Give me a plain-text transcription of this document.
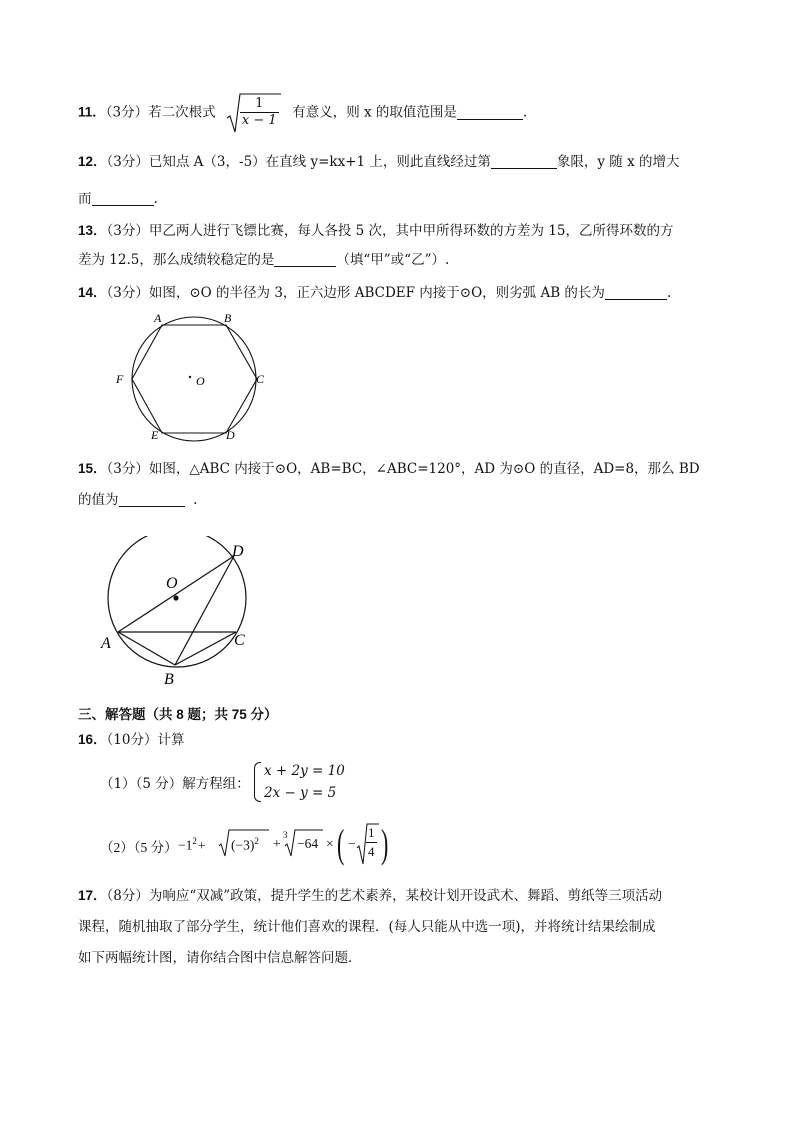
11．（3分）若二次根式 $\frac{1}{x - 1}$ 有意义，则 x 的取值范围是	.
12．（3分）已知点 A（3，-5）在直线 y=kx+1 上，则此直线经过第	象限，y 随 x 的增大
而	.
13．（3分）甲乙两人进行飞镖比赛，每人各投 5 次，其中甲所得环数的方差为 15，乙所得环数的方
差为 12.5，那么成绩较稳定的是	（填“甲”或“乙”）.
14．（3分）如图，⊙O 的半径为 3，正六边形 ABCDEF 内接于⊙O，则劣弧 AB 的长为	.
A	B
C
D
E
F	O
15．（3分）如图，△ABC 内接于⊙O，AB=BC，∠ABC=120°，AD 为⊙O 的直径，AD=8，那么 BD
的值为	.
O
D
A	C
B
三、解答题（共 8 题；共 75 分）
16．（10分）计算
（1）（5 分）解方程组：
x + 2y = 10
2x − y = 5
（2）（5 分） $-1^2+ (-3)^2$ +
3
−64 × ( − $\frac{1}{4}$ )
17．（8分）为响应“双减”政策，提升学生的艺术素养，某校计划开设武术、舞蹈、剪纸等三项活动
课程，随机抽取了部分学生，统计他们喜欢的课程．(每人只能从中选一项)，并将统计结果绘制成
如下两幅统计图，请你结合图中信息解答问题．
